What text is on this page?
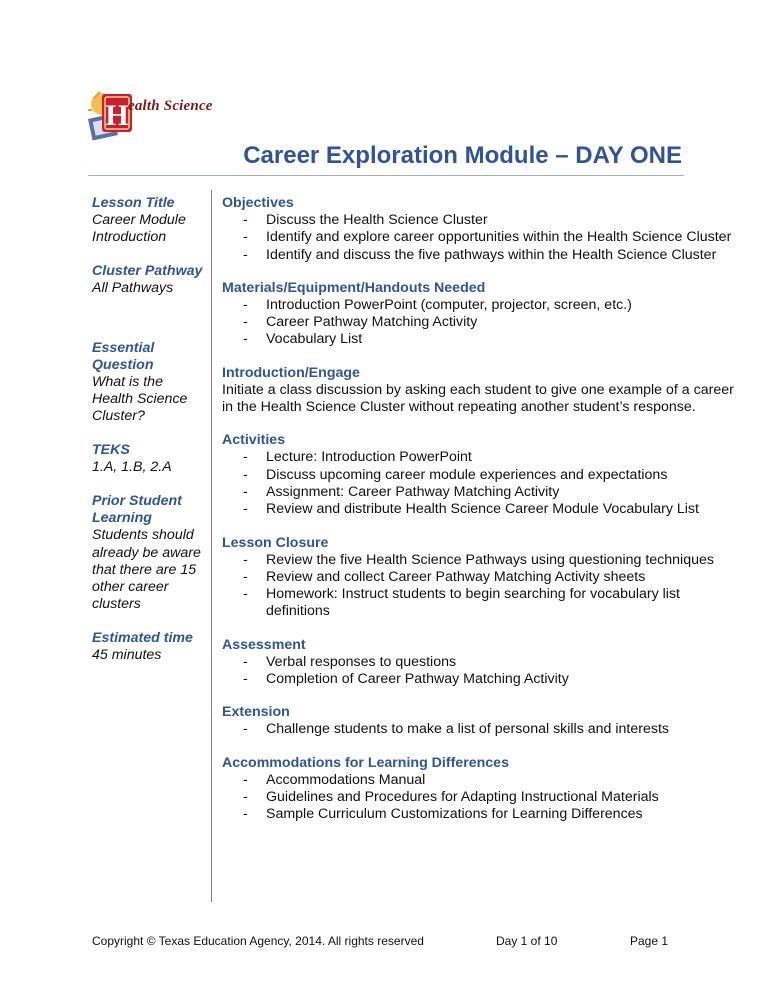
H ealth Science
Career Exploration Module – DAY ONE
Lesson Title
Career Module Introduction
Cluster Pathway
All Pathways
Essential Question
What is the Health Science Cluster?
TEKS
1.A, 1.B, 2.A
Prior Student Learning
Students should already be aware that there are 15 other career clusters
Estimated time
45 minutes
Objectives
- Discuss the Health Science Cluster
- Identify and explore career opportunities within the Health Science Cluster
- Identify and discuss the five pathways within the Health Science Cluster
Materials/Equipment/Handouts Needed
- Introduction PowerPoint (computer, projector, screen, etc.)
- Career Pathway Matching Activity
- Vocabulary List
Introduction/Engage

Initiate a class discussion by asking each student to give one example of a career in the Health Science Cluster without repeating another student’s response.

Activities
- Lecture: Introduction PowerPoint
- Discuss upcoming career module experiences and expectations
- Assignment: Career Pathway Matching Activity
- Review and distribute Health Science Career Module Vocabulary List
Lesson Closure
- Review the five Health Science Pathways using questioning techniques
- Review and collect Career Pathway Matching Activity sheets
- Homework: Instruct students to begin searching for vocabulary list definitions
Assessment
- Verbal responses to questions
- Completion of Career Pathway Matching Activity
Extension
- Challenge students to make a list of personal skills and interests
Accommodations for Learning Differences
- Accommodations Manual
- Guidelines and Procedures for Adapting Instructional Materials
- Sample Curriculum Customizations for Learning Differences
Copyright © Texas Education Agency, 2014. All rights reserved	Day 1 of 10	Page 1
